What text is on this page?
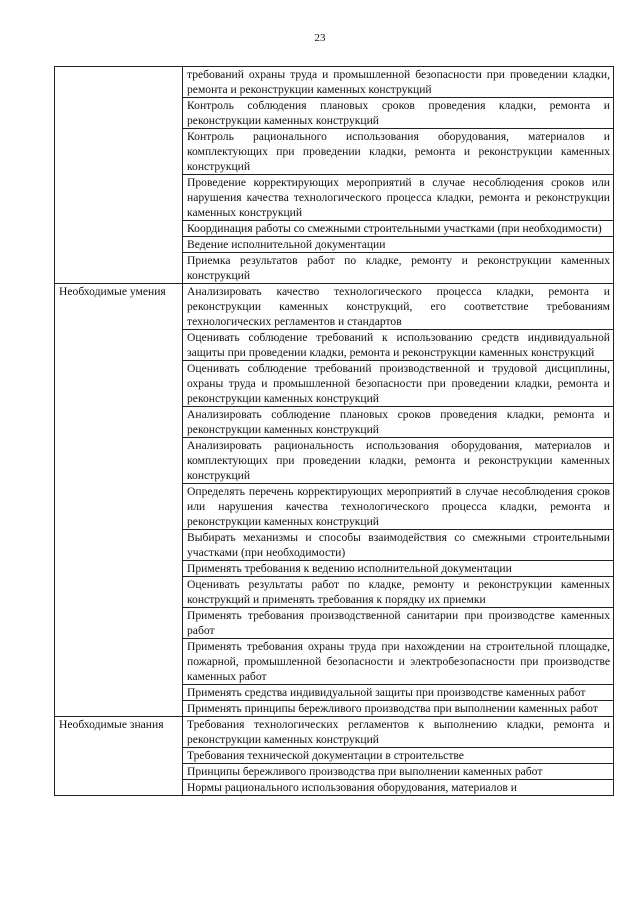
23
	требований охраны труда и промышленной безопасности при проведении кладки, ремонта и реконструкции каменных конструкций
	Контроль соблюдения плановых сроков проведения кладки, ремонта и реконструкции каменных конструкций
	Контроль рационального использования оборудования, материалов и комплектующих при проведении кладки, ремонта и реконструкции каменных конструкций
	Проведение корректирующих мероприятий в случае несоблюдения сроков или нарушения качества технологического процесса кладки, ремонта и реконструкции каменных конструкций
	Координация работы со смежными строительными участками (при необходимости)
	Ведение исполнительной документации
	Приемка результатов работ по кладке, ремонту и реконструкции каменных конструкций
Необходимые умения	Анализировать качество технологического процесса кладки, ремонта и реконструкции каменных конструкций, его соответствие требованиям технологических регламентов и стандартов
	Оценивать соблюдение требований к использованию средств индивидуальной защиты при проведении кладки, ремонта и реконструкции каменных конструкций
	Оценивать соблюдение требований производственной и трудовой дисциплины, охраны труда и промышленной безопасности при проведении кладки, ремонта и реконструкции каменных конструкций
	Анализировать соблюдение плановых сроков проведения кладки, ремонта и реконструкции каменных конструкций
	Анализировать рациональность использования оборудования, материалов и комплектующих при проведении кладки, ремонта и реконструкции каменных конструкций
	Определять перечень корректирующих мероприятий в случае несоблюдения сроков или нарушения качества технологического процесса кладки, ремонта и реконструкции каменных конструкций
	Выбирать механизмы и способы взаимодействия со смежными строительными участками (при необходимости)
	Применять требования к ведению исполнительной документации
	Оценивать результаты работ по кладке, ремонту и реконструкции каменных конструкций и применять требования к порядку их приемки
	Применять требования производственной санитарии при производстве каменных работ
	Применять требования охраны труда при нахождении на строительной площадке, пожарной, промышленной безопасности и электробезопасности при производстве каменных работ
	Применять средства индивидуальной защиты при производстве каменных работ
	Применять принципы бережливого производства при выполнении каменных работ
Необходимые знания	Требования технологических регламентов к выполнению кладки, ремонта и реконструкции каменных конструкций
	Требования технической документации в строительстве
	Принципы бережливого производства при выполнении каменных работ
	Нормы рационального использования оборудования, материалов и
